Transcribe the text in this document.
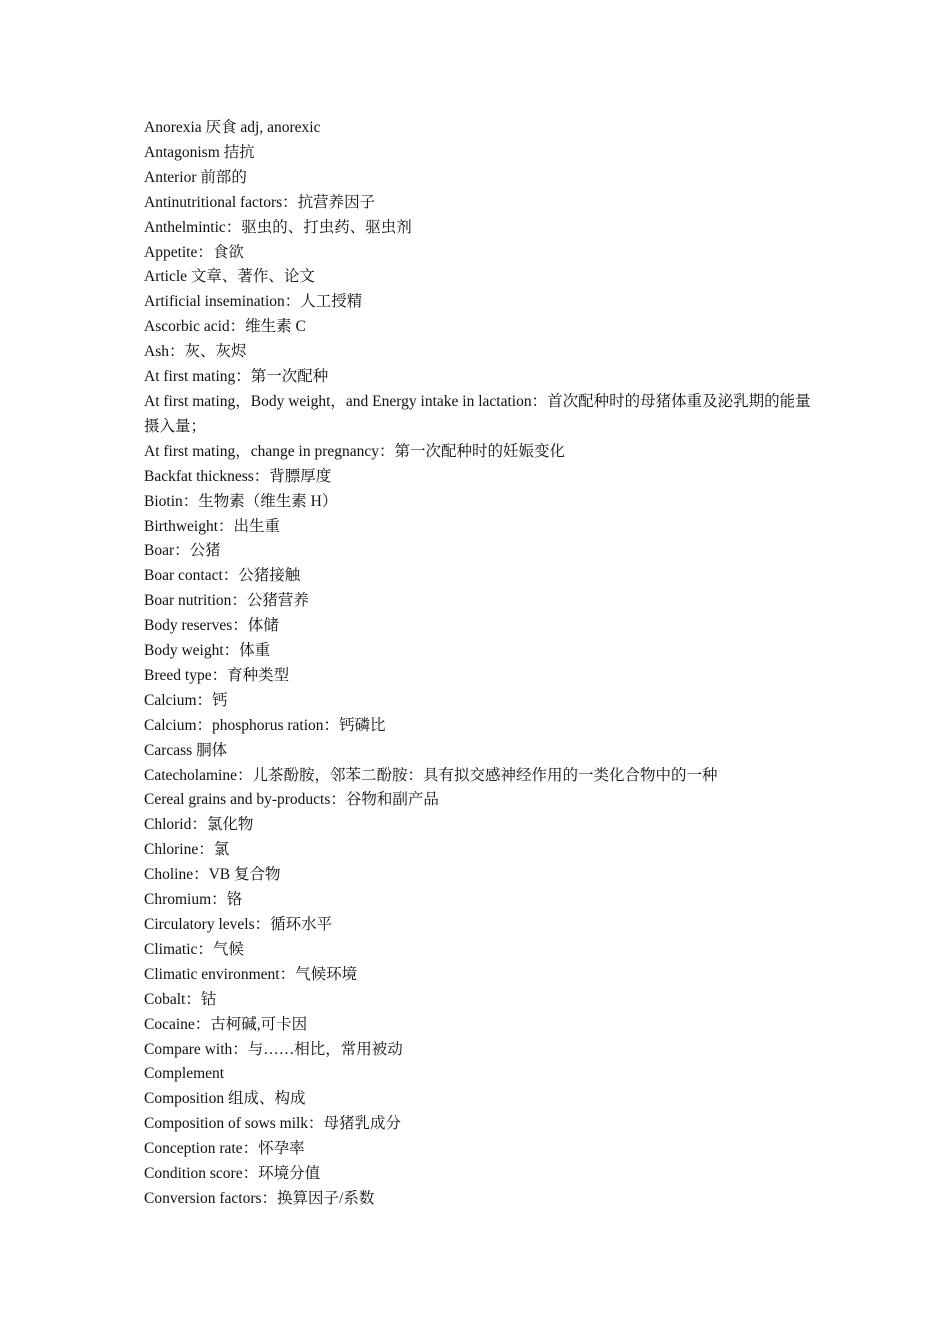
Anorexia 厌食 adj, anorexic
Antagonism 拮抗
Anterior 前部的
Antinutritional factors：抗营养因子
Anthelmintic：驱虫的、打虫药、驱虫剂
Appetite：食欲
Article 文章、著作、论文
Artificial insemination：人工授精
Ascorbic acid：维生素 C
Ash：灰、灰烬
At first mating：第一次配种
At first mating，Body weight，and Energy intake in lactation：首次配种时的母猪体重及泌乳期的能量摄入量；
At first mating，change in pregnancy：第一次配种时的妊娠变化
Backfat thickness：背膘厚度
Biotin：生物素（维生素 H）
Birthweight：出生重
Boar：公猪
Boar contact：公猪接触
Boar nutrition：公猪营养
Body reserves：体储
Body weight：体重
Breed type：育种类型
Calcium：钙
Calcium：phosphorus ration：钙磷比
Carcass 胴体
Catecholamine：儿茶酚胺，邻苯二酚胺：具有拟交感神经作用的一类化合物中的一种
Cereal grains and by-products：谷物和副产品
Chlorid：氯化物
Chlorine：氯
Choline：VB 复合物
Chromium：铬
Circulatory levels：循环水平
Climatic：气候
Climatic environment：气候环境
Cobalt：钴
Cocaine：古柯碱,可卡因
Compare with：与……相比，常用被动
Complement
Composition 组成、构成
Composition of sows milk：母猪乳成分
Conception rate：怀孕率
Condition score：环境分值
Conversion factors：换算因子/系数
